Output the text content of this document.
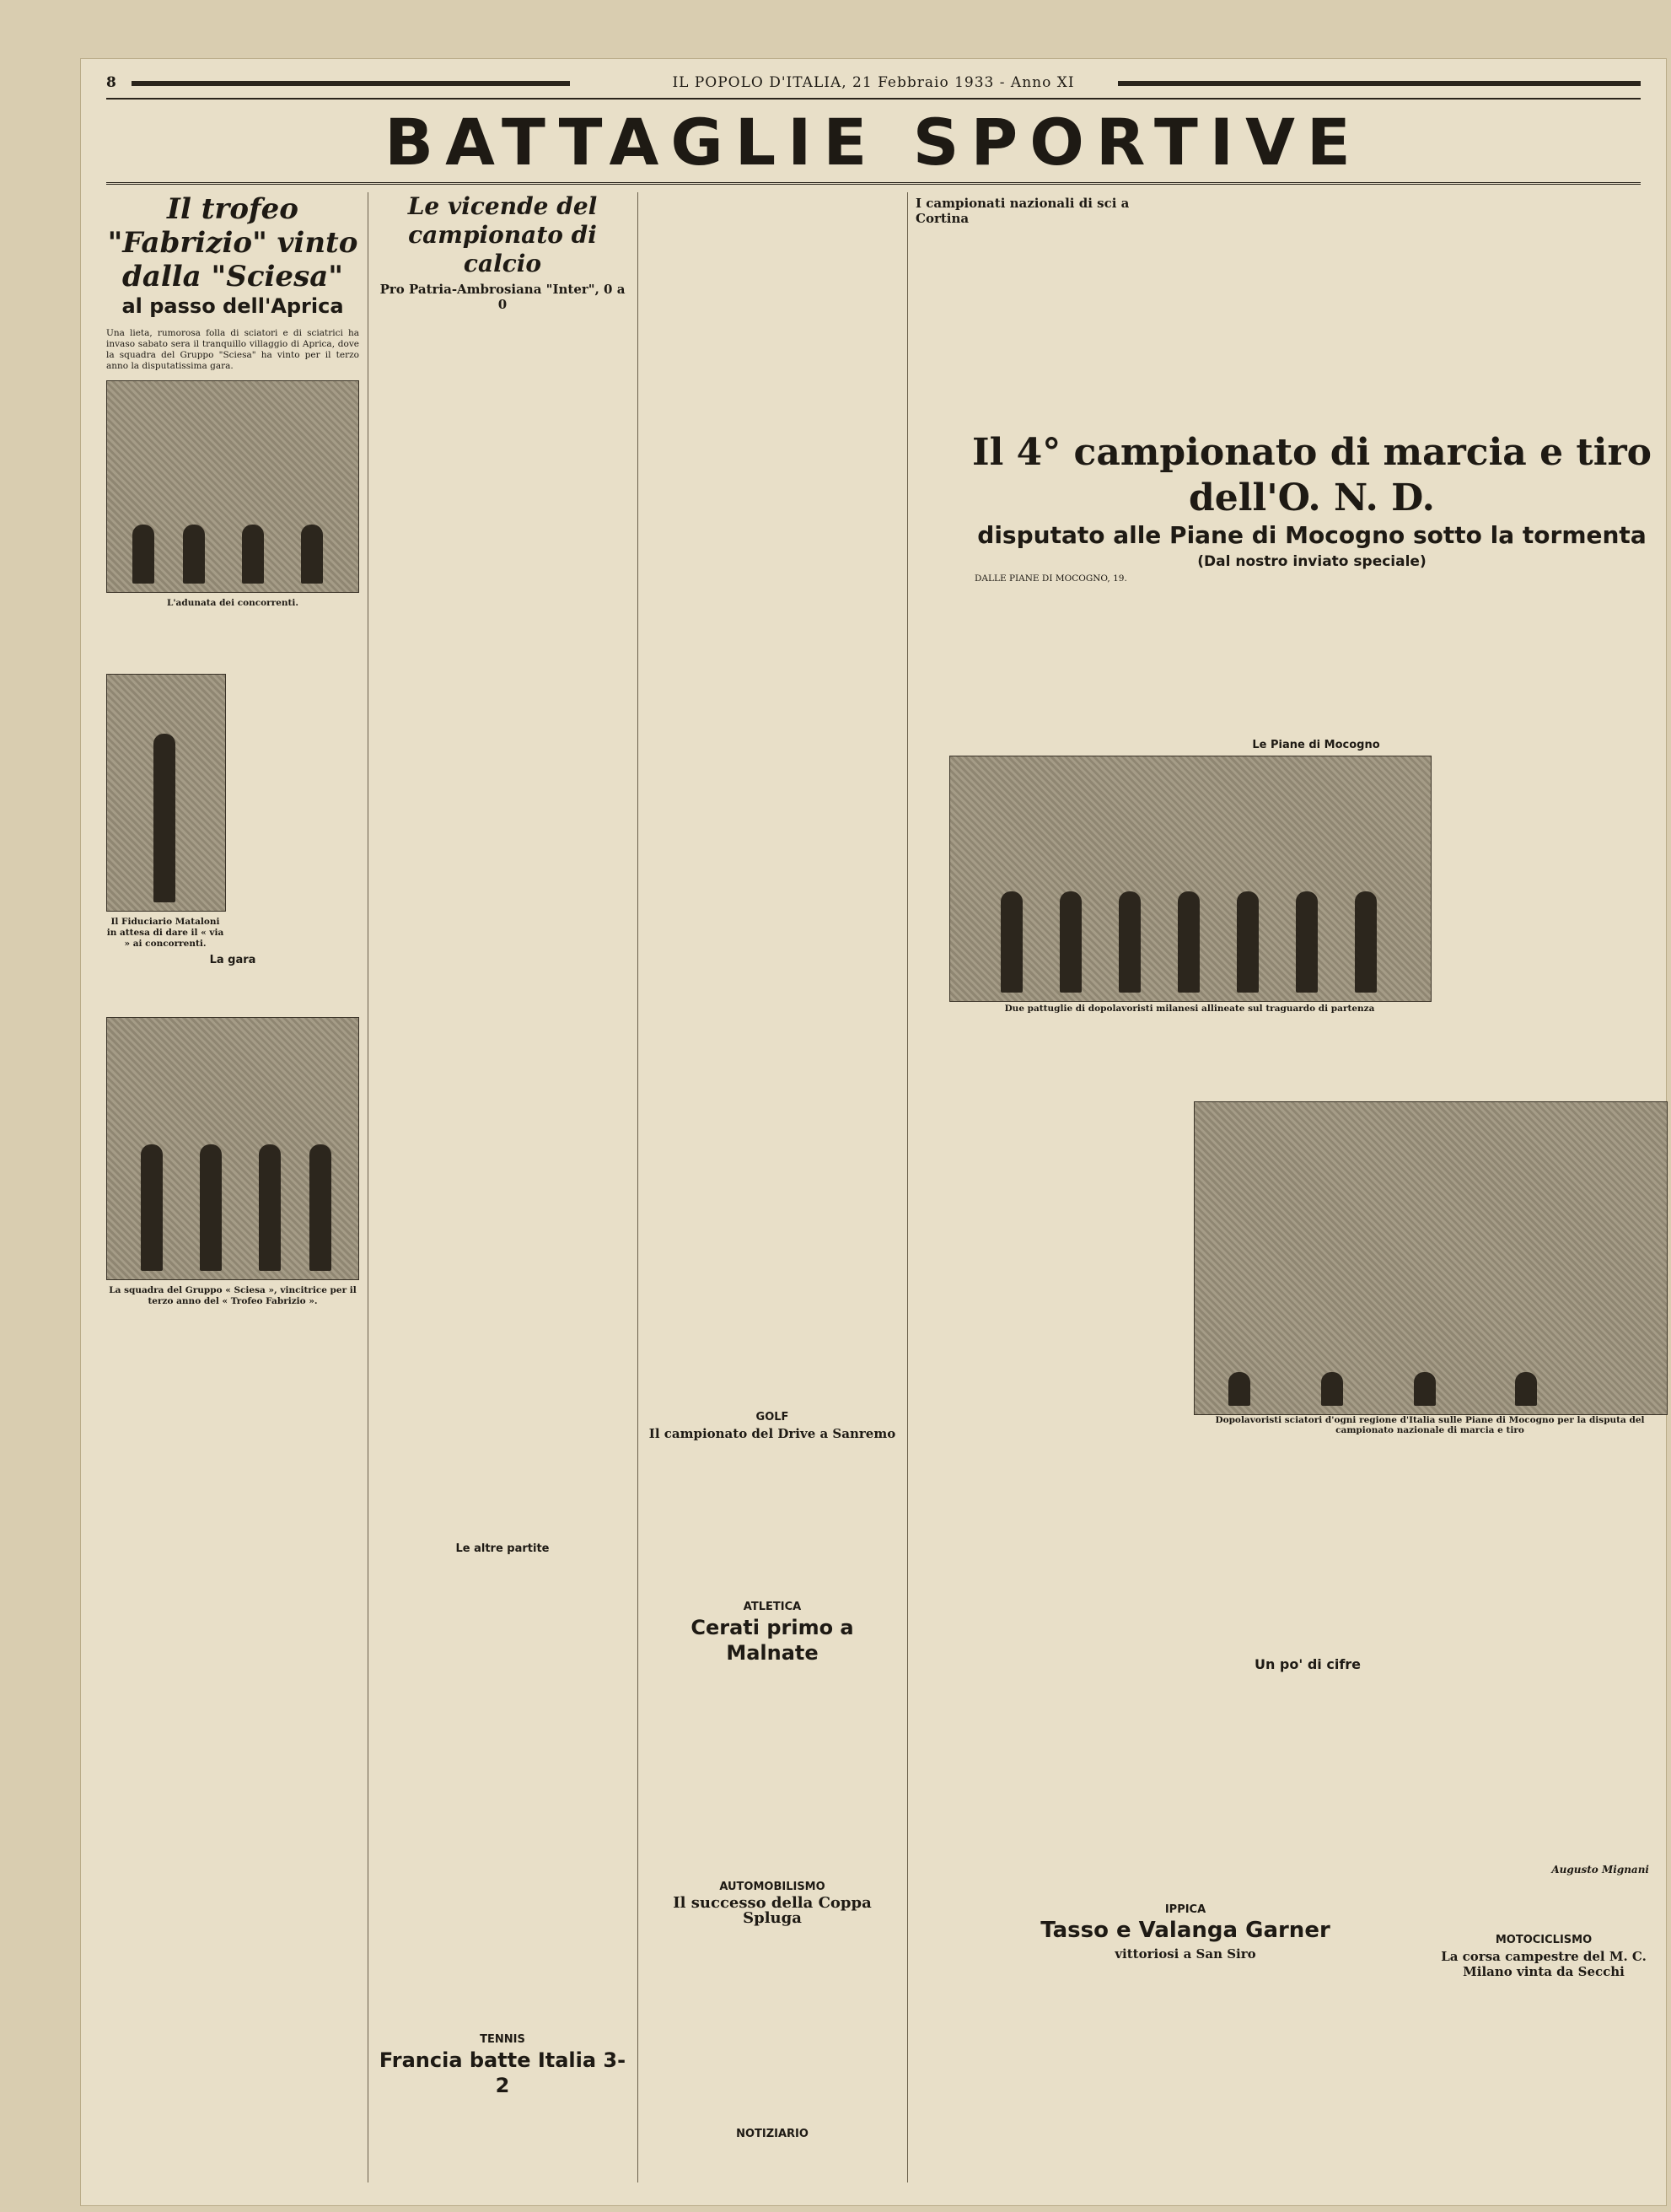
8	IL POPOLO D'ITALIA, 21 Febbraio 1933 - Anno XI
BATTAGLIE SPORTIVE
Il trofeo "Fabrizio" vinto dalla "Sciesa"
al passo dell'Aprica

Una lieta, rumorosa folla di sciatori e di sciatrici ha invaso sabato sera il tranquillo villaggio di Aprica, dove la squadra del Gruppo "Sciesa" ha vinto per il terzo anno la disputatissima gara.

L'adunata dei concorrenti.
Il Fiduciario Mataloni in attesa di dare il « via » ai concorrenti.
La gara
La squadra del Gruppo « Sciesa », vincitrice per il terzo anno del « Trofeo Fabrizio ».
Le vicende del campionato di calcio
Pro Patria-Ambrosiana "Inter", 0 a 0
Le altre partite
TENNIS
Francia batte Italia 3-2
GOLF
Il campionato del Drive a Sanremo
ATLETICA
Cerati primo a Malnate
AUTOMOBILISMO
Il successo della Coppa Spluga
NOTIZIARIO
I campionati nazionali di sci a Cortina
Il 4° campionato di marcia e tiro dell'O. N. D.
disputato alle Piane di Mocogno sotto la tormenta
(Dal nostro inviato speciale)
DALLE PIANE DI MOCOGNO, 19.
Le Piane di Mocogno
Due pattuglie di dopolavoristi milanesi allineate sul traguardo di partenza
Dopolavoristi sciatori d'ogni regione d'Italia sulle Piane di Mocogno per la disputa del campionato nazionale di marcia e tiro
Un po' di cifre
Augusto Mignani
IPPICA
Tasso e Valanga Garner
vittoriosi a San Siro
MOTOCICLISMO
La corsa campestre del M. C. Milano vinta da Secchi
